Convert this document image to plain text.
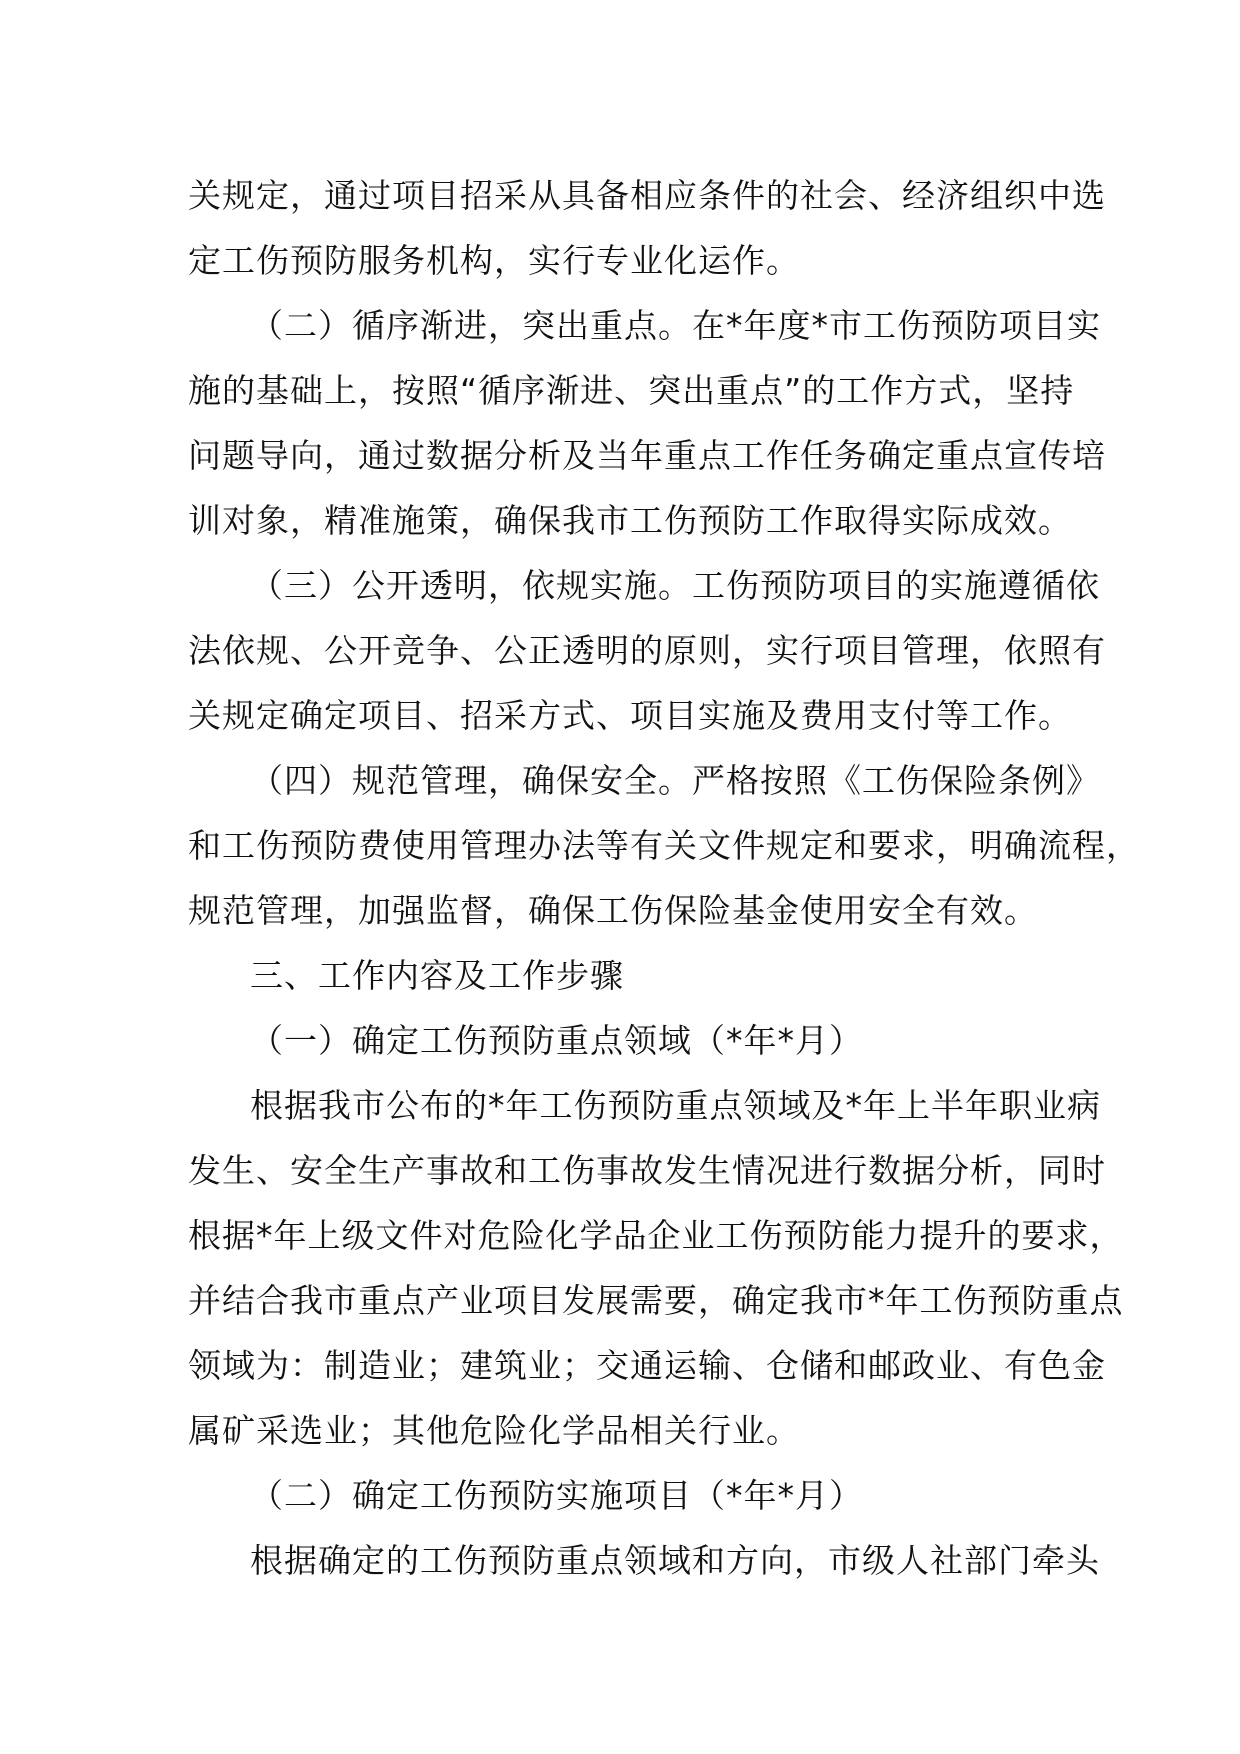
关规定，通过项目招采从具备相应条件的社会、经济组织中选
定工伤预防服务机构，实行专业化运作。
（二）循序渐进，突出重点。在*年度*市工伤预防项目实
施的基础上，按照“循序渐进、突出重点”的工作方式，坚持
问题导向，通过数据分析及当年重点工作任务确定重点宣传培
训对象，精准施策，确保我市工伤预防工作取得实际成效。
（三）公开透明，依规实施。工伤预防项目的实施遵循依
法依规、公开竞争、公正透明的原则，实行项目管理，依照有
关规定确定项目、招采方式、项目实施及费用支付等工作。
（四）规范管理，确保安全。严格按照《工伤保险条例》
和工伤预防费使用管理办法等有关文件规定和要求，明确流程，
规范管理，加强监督，确保工伤保险基金使用安全有效。
三、工作内容及工作步骤
（一）确定工伤预防重点领域（*年*月）
根据我市公布的*年工伤预防重点领域及*年上半年职业病
发生、安全生产事故和工伤事故发生情况进行数据分析，同时
根据*年上级文件对危险化学品企业工伤预防能力提升的要求，
并结合我市重点产业项目发展需要，确定我市*年工伤预防重点
领域为：制造业；建筑业；交通运输、仓储和邮政业、有色金
属矿采选业；其他危险化学品相关行业。
（二）确定工伤预防实施项目（*年*月）
根据确定的工伤预防重点领域和方向，市级人社部门牵头
